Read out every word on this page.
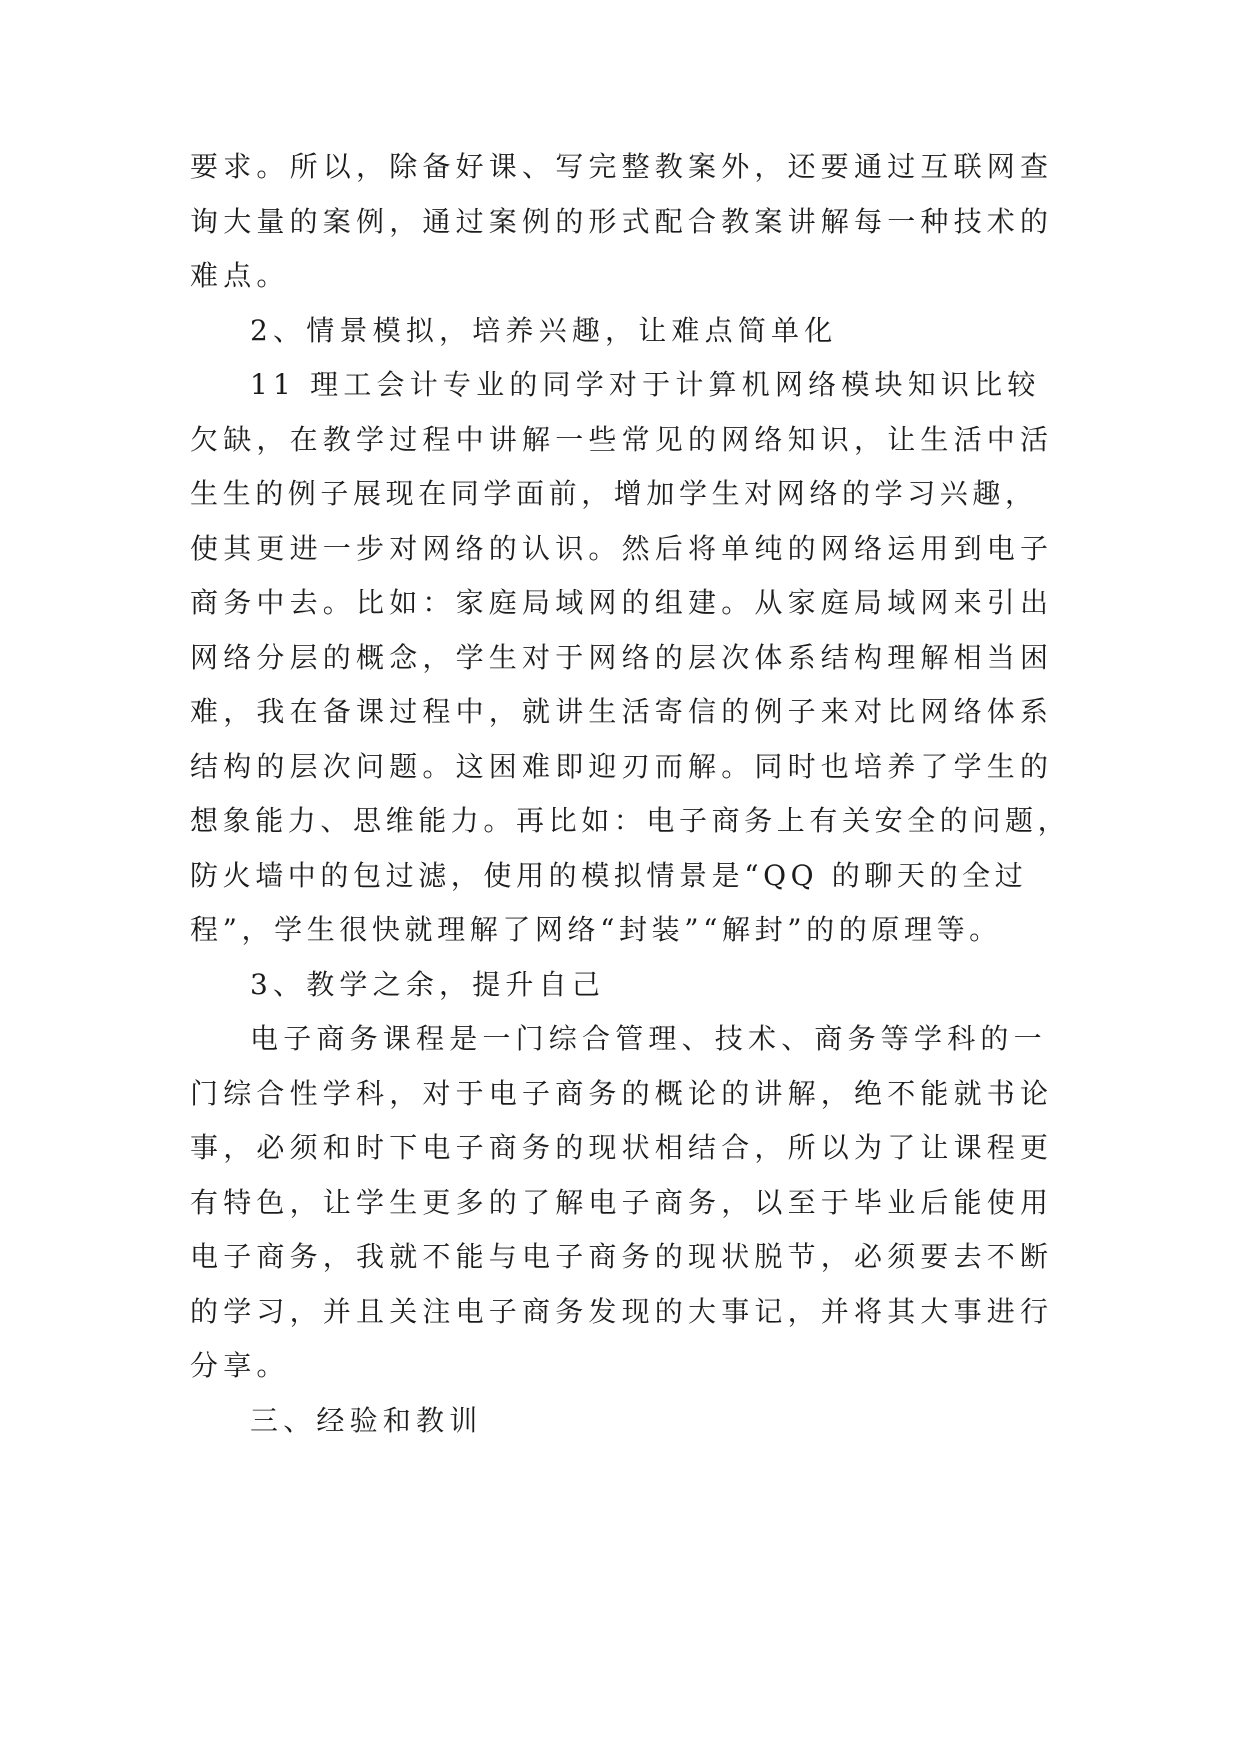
要求。所以，除备好课、写完整教案外，还要通过互联网查
询大量的案例，通过案例的形式配合教案讲解每一种技术的
难点。
2、情景模拟，培养兴趣，让难点简单化
11 理工会计专业的同学对于计算机网络模块知识比较
欠缺，在教学过程中讲解一些常见的网络知识，让生活中活
生生的例子展现在同学面前，增加学生对网络的学习兴趣，
使其更进一步对网络的认识。然后将单纯的网络运用到电子
商务中去。比如：家庭局域网的组建。从家庭局域网来引出
网络分层的概念，学生对于网络的层次体系结构理解相当困
难，我在备课过程中，就讲生活寄信的例子来对比网络体系
结构的层次问题。这困难即迎刃而解。同时也培养了学生的
想象能力、思维能力。再比如：电子商务上有关安全的问题，
防火墙中的包过滤，使用的模拟情景是“QQ 的聊天的全过
程”，学生很快就理解了网络“封装”“解封”的的原理等。
3、教学之余，提升自己
电子商务课程是一门综合管理、技术、商务等学科的一
门综合性学科，对于电子商务的概论的讲解，绝不能就书论
事，必须和时下电子商务的现状相结合，所以为了让课程更
有特色，让学生更多的了解电子商务，以至于毕业后能使用
电子商务，我就不能与电子商务的现状脱节，必须要去不断
的学习，并且关注电子商务发现的大事记，并将其大事进行
分享。
三、经验和教训
